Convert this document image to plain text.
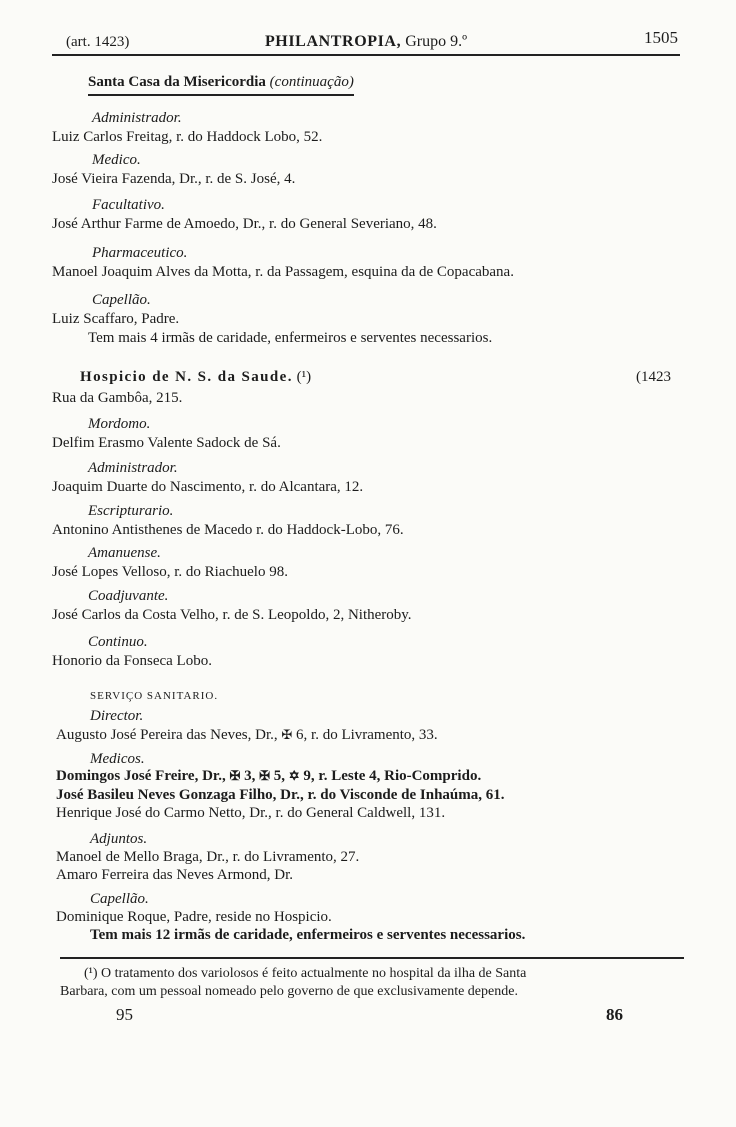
(art. 1423)	PHILANTROPIA, Grupo 9.º	1505
Santa Casa da Misericordia (continuação)
Administrador.
Luiz Carlos Freitag, r. do Haddock Lobo, 52.
Medico.
José Vieira Fazenda, Dr., r. de S. José, 4.
Facultativo.
José Arthur Farme de Amoedo, Dr., r. do General Severiano, 48.
Pharmaceutico.
Manoel Joaquim Alves da Motta, r. da Passagem, esquina da de Copacabana.
Capellão.
Luiz Scaffaro, Padre.
Tem mais 4 irmãs de caridade, enfermeiros e serventes necessarios.
Hospicio de N. S. da Saude. (¹)	(1423
Rua da Gambôa, 215.
Mordomo.
Delfim Erasmo Valente Sadock de Sá.
Administrador.
Joaquim Duarte do Nascimento, r. do Alcantara, 12.
Escripturario.
Antonino Antisthenes de Macedo r. do Haddock-Lobo, 76.
Amanuense.
José Lopes Velloso, r. do Riachuelo 98.
Coadjuvante.
José Carlos da Costa Velho, r. de S. Leopoldo, 2, Nitheroby.
Continuo.
Honorio da Fonseca Lobo.
SERVIÇO SANITARIO.
Director.
Augusto José Pereira das Neves, Dr., ✠ 6, r. do Livramento, 33.
Medicos.
Domingos José Freire, Dr., ✠ 3, ✠ 5, ✡ 9, r. Leste 4, Rio-Comprido.
José Basileu Neves Gonzaga Filho, Dr., r. do Visconde de Inhaúma, 61.
Henrique José do Carmo Netto, Dr., r. do General Caldwell, 131.
Adjuntos.
Manoel de Mello Braga, Dr., r. do Livramento, 27.
Amaro Ferreira das Neves Armond, Dr.
Capellão.
Dominique Roque, Padre, reside no Hospicio.
Tem mais 12 irmãs de caridade, enfermeiros e serventes necessarios.
(¹) O tratamento dos variolosos é feito actualmente no hospital da ilha de Santa
Barbara, com um pessoal nomeado pelo governo de que exclusivamente depende.
95	86
